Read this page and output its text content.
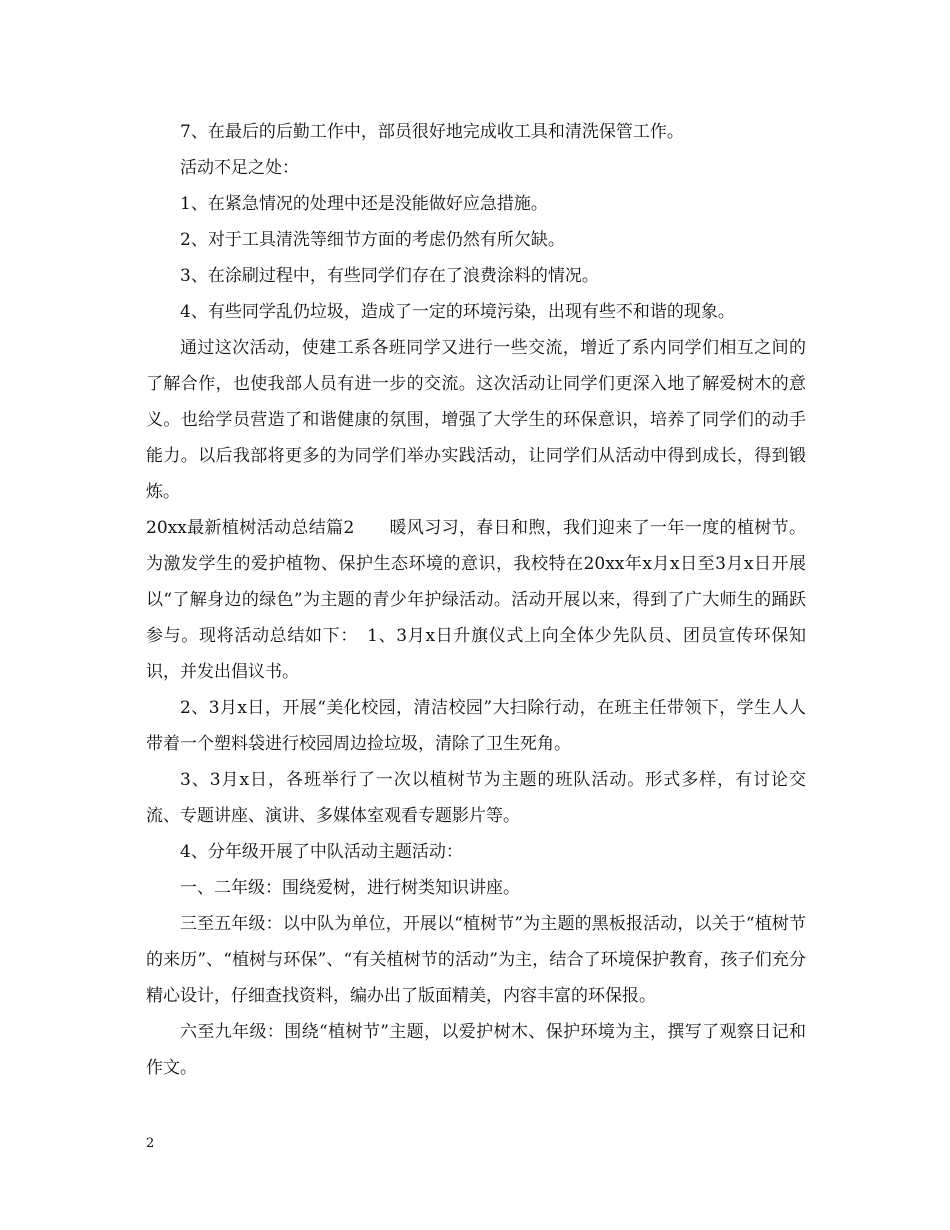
7、在最后的后勤工作中，部员很好地完成收工具和清洗保管工作。

活动不足之处：

1、在紧急情况的处理中还是没能做好应急措施。

2、对于工具清洗等细节方面的考虑仍然有所欠缺。

3、在涂刷过程中，有些同学们存在了浪费涂料的情况。

4、有些同学乱仍垃圾，造成了一定的环境污染，出现有些不和谐的现象。

通过这次活动，使建工系各班同学又进行一些交流，增近了系内同学们相互之间的了解合作，也使我部人员有进一步的交流。这次活动让同学们更深入地了解爱树木的意义。也给学员营造了和谐健康的氛围，增强了大学生的环保意识，培养了同学们的动手能力。以后我部将更多的为同学们举办实践活动，让同学们从活动中得到成长，得到锻炼。

20xx最新植树活动总结篇2　　暖风习习，春日和煦，我们迎来了一年一度的植树节。为激发学生的爱护植物、保护生态环境的意识，我校特在20xx年x月x日至3月x日开展以“了解身边的绿色”为主题的青少年护绿活动。活动开展以来，得到了广大师生的踊跃参与。现将活动总结如下：　1、3月x日升旗仪式上向全体少先队员、团员宣传环保知识，并发出倡议书。

2、3月x日，开展“美化校园，清洁校园”大扫除行动，在班主任带领下，学生人人带着一个塑料袋进行校园周边捡垃圾，清除了卫生死角。

3、3月x日，各班举行了一次以植树节为主题的班队活动。形式多样，有讨论交流、专题讲座、演讲、多媒体室观看专题影片等。

4、分年级开展了中队活动主题活动：

一、二年级：围绕爱树，进行树类知识讲座。

三至五年级：以中队为单位，开展以“植树节”为主题的黑板报活动，以关于“植树节的来历”、“植树与环保”、“有关植树节的活动”为主，结合了环境保护教育，孩子们充分精心设计，仔细查找资料，编办出了版面精美，内容丰富的环保报。

六至九年级：围绕“植树节”主题，以爱护树木、保护环境为主，撰写了观察日记和作文。

2
